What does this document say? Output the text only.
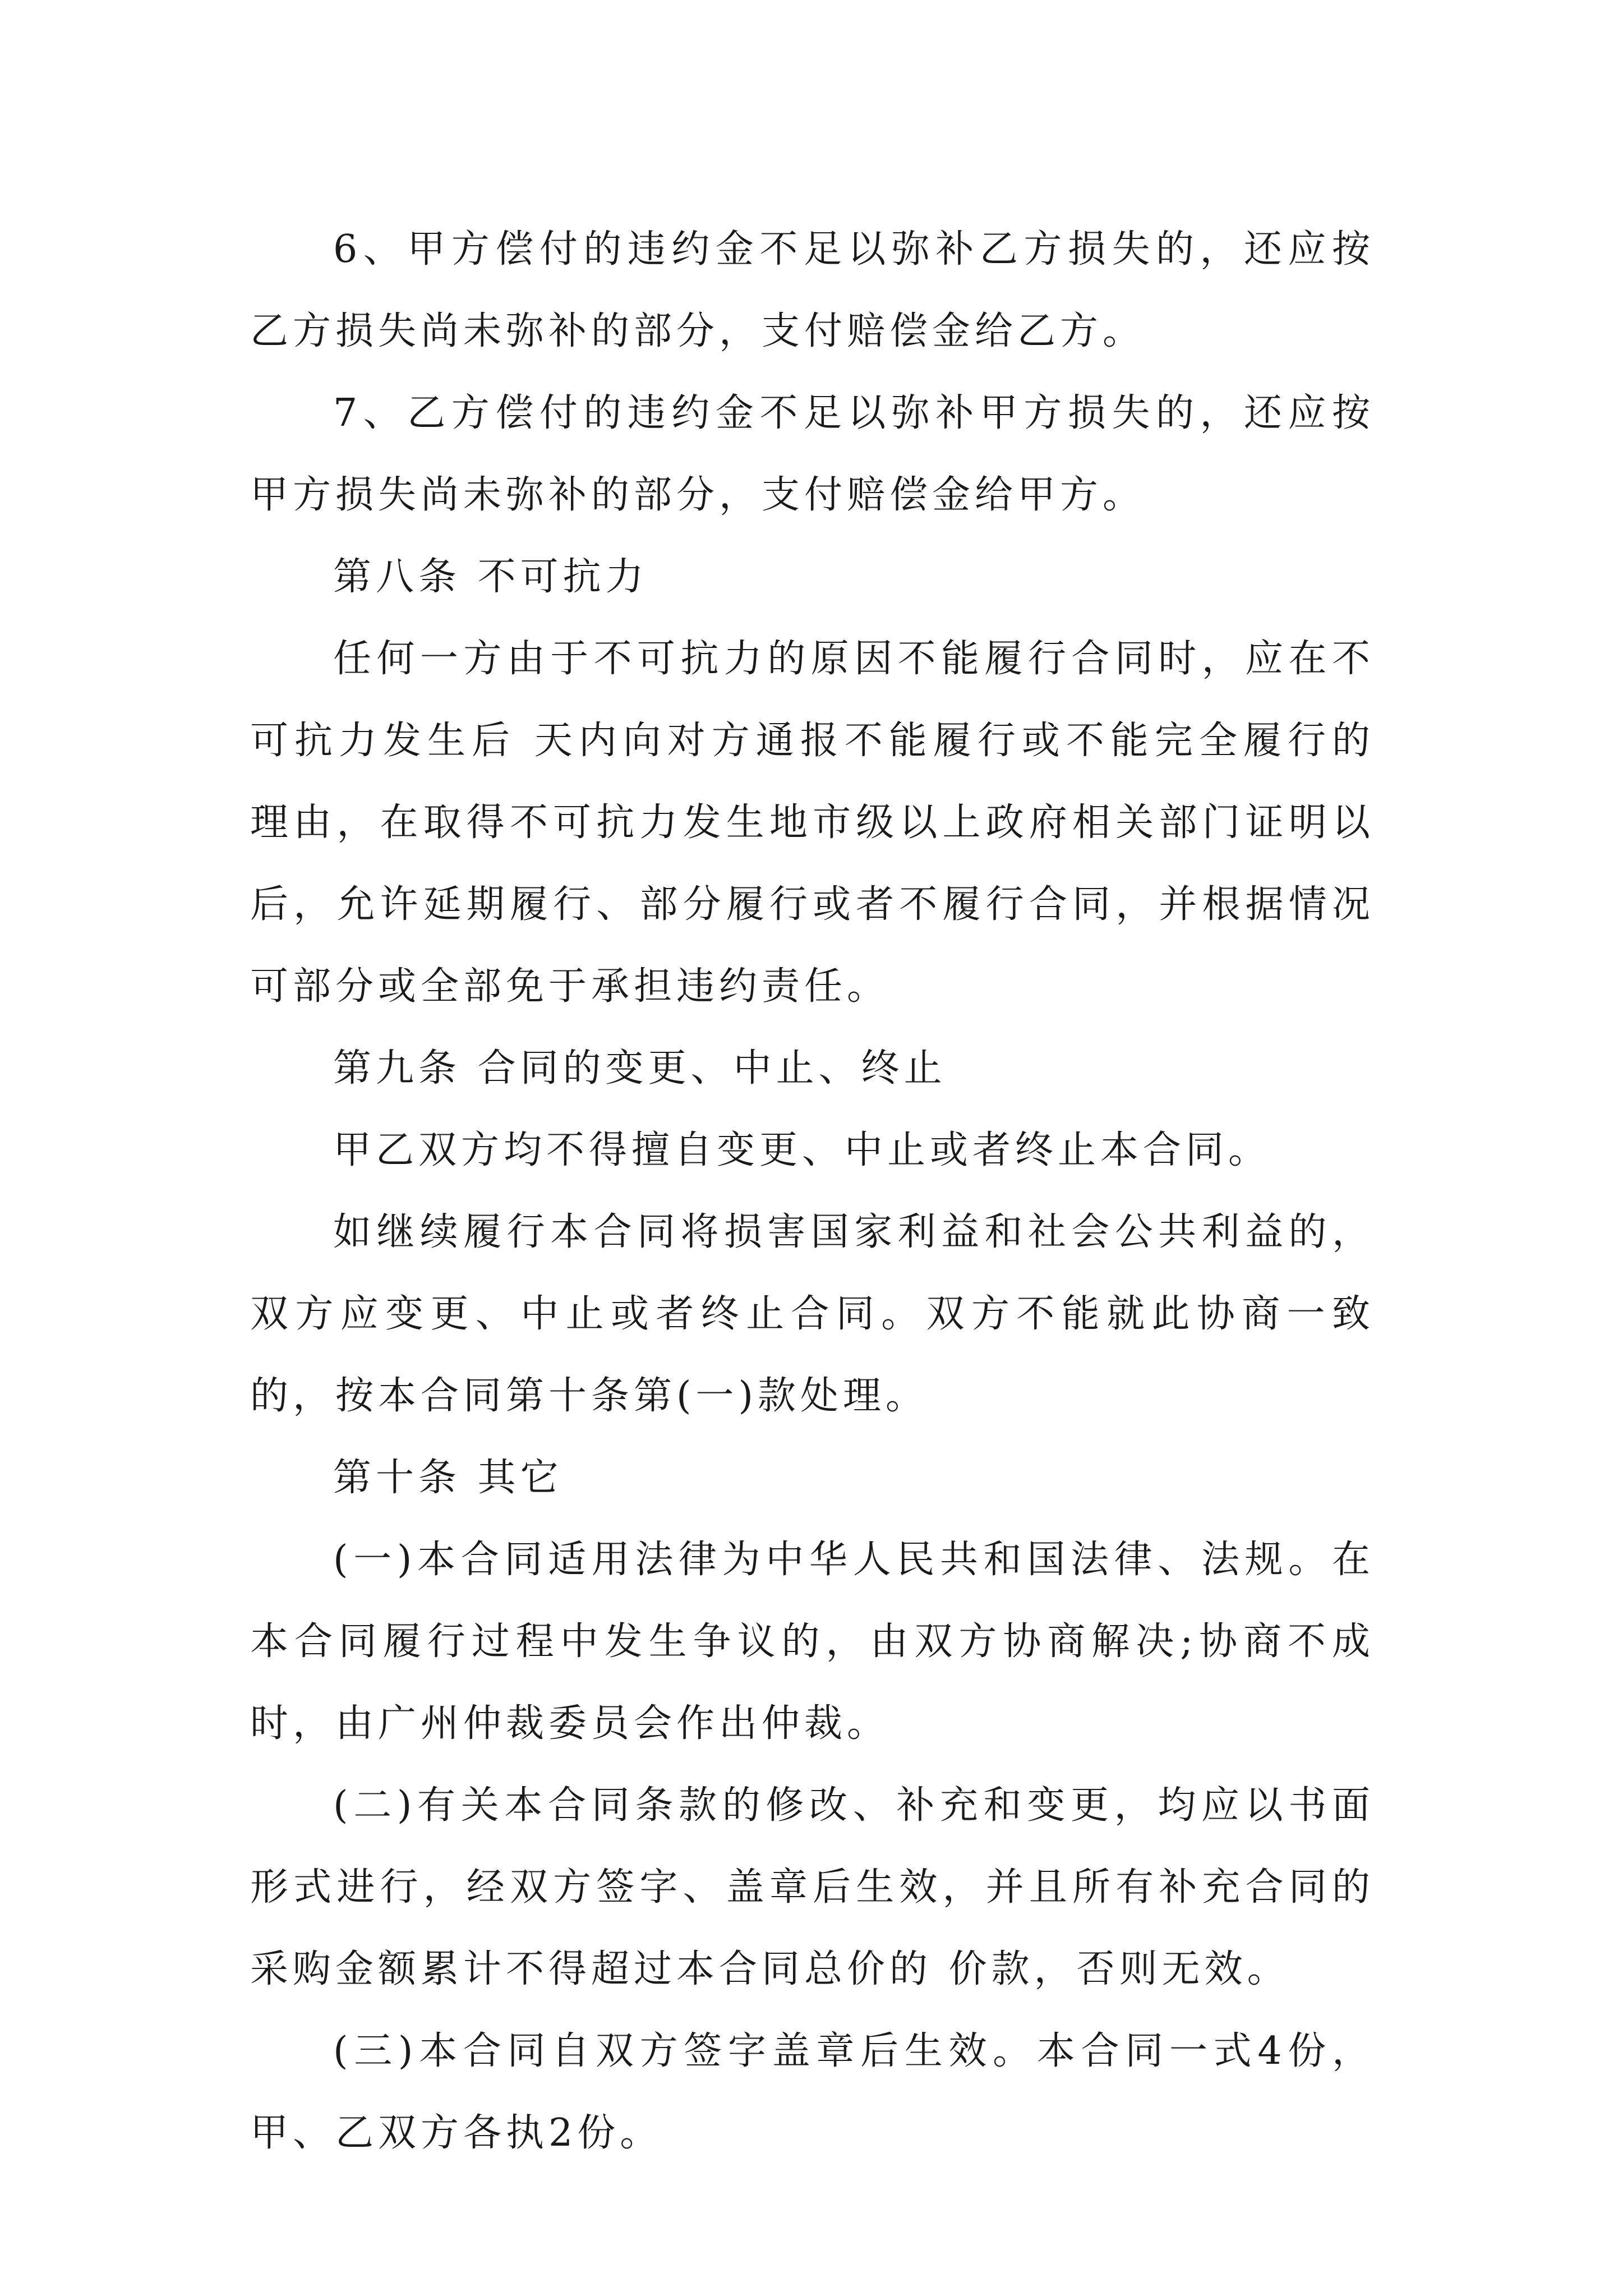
6、甲方偿付的违约金不足以弥补乙方损失的，还应按乙方损失尚未弥补的部分，支付赔偿金给乙方。

7、乙方偿付的违约金不足以弥补甲方损失的，还应按甲方损失尚未弥补的部分，支付赔偿金给甲方。

第八条 不可抗力

任何一方由于不可抗力的原因不能履行合同时，应在不可抗力发生后 天内向对方通报不能履行或不能完全履行的理由，在取得不可抗力发生地市级以上政府相关部门证明以后，允许延期履行、部分履行或者不履行合同，并根据情况可部分或全部免于承担违约责任。

第九条 合同的变更、中止、终止

甲乙双方均不得擅自变更、中止或者终止本合同。

如继续履行本合同将损害国家利益和社会公共利益的，双方应变更、中止或者终止合同。双方不能就此协商一致的，按本合同第十条第(一)款处理。

第十条 其它

(一)本合同适用法律为中华人民共和国法律、法规。在本合同履行过程中发生争议的，由双方协商解决;协商不成时，由广州仲裁委员会作出仲裁。

(二)有关本合同条款的修改、补充和变更，均应以书面形式进行，经双方签字、盖章后生效，并且所有补充合同的采购金额累计不得超过本合同总价的 价款，否则无效。

(三)本合同自双方签字盖章后生效。本合同一式4份，甲、乙双方各执2份。
